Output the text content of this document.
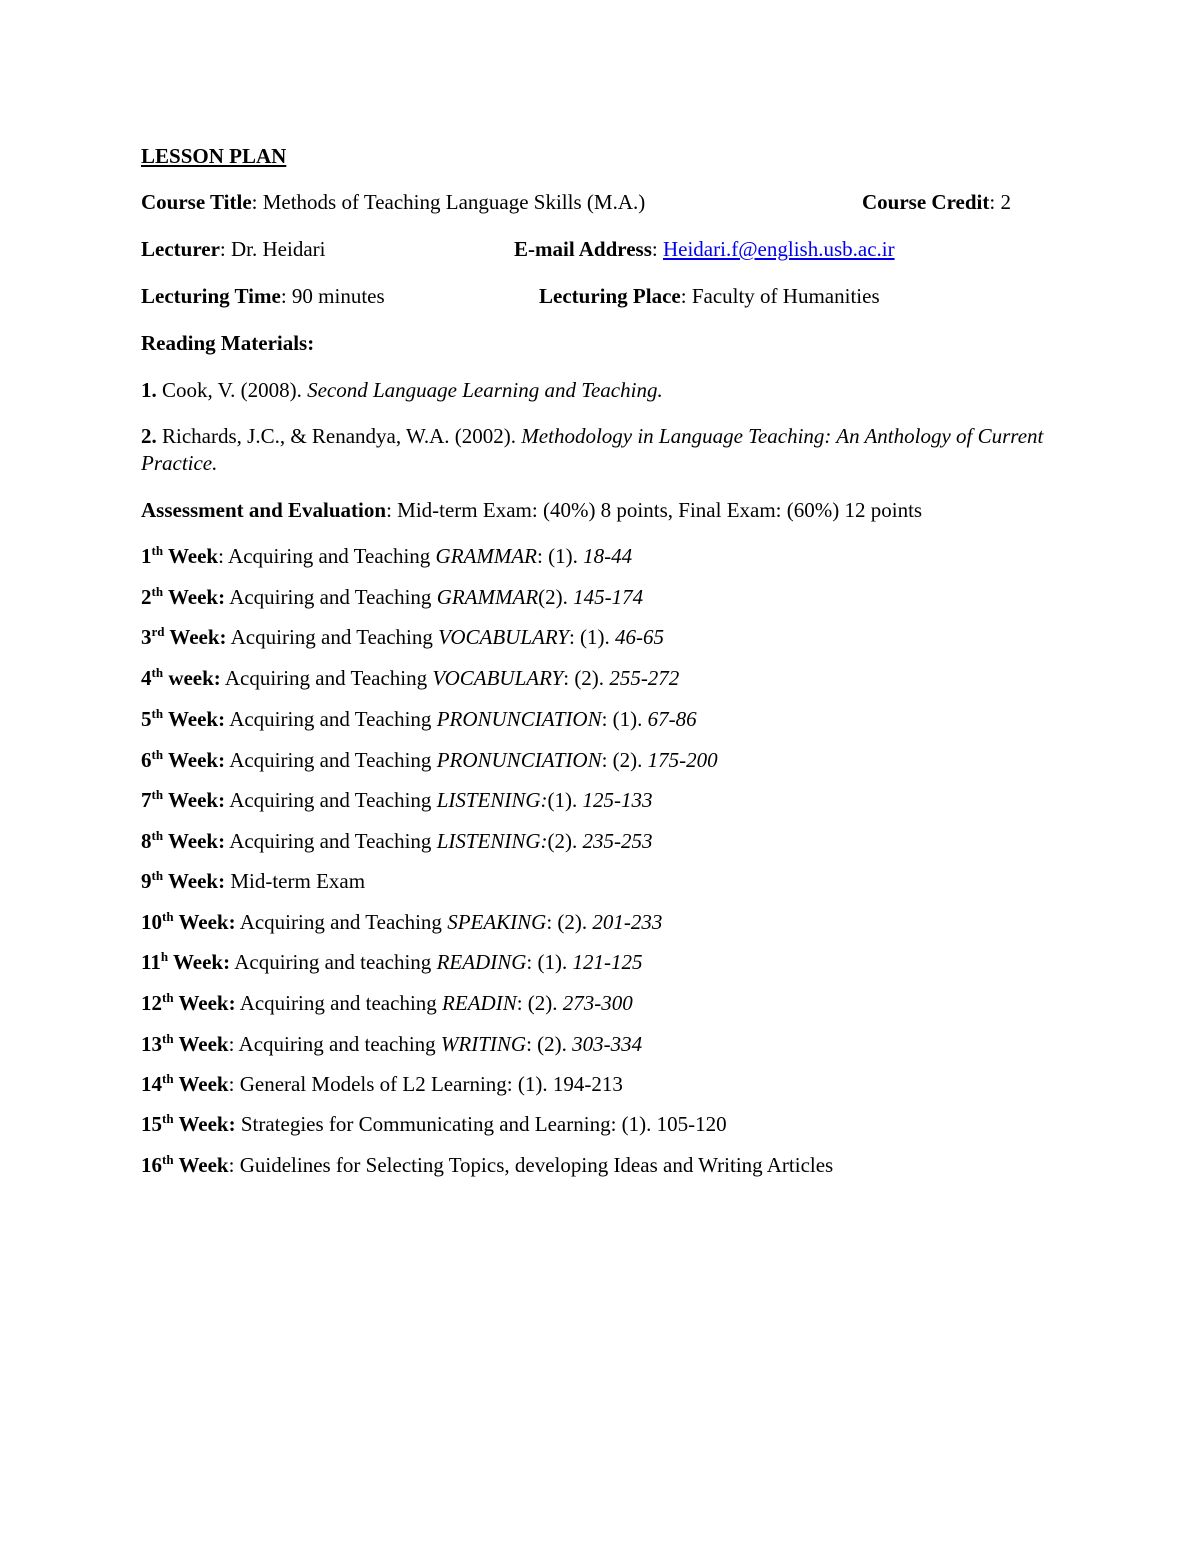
LESSON PLAN
Course Title: Methods of Teaching Language Skills (M.A.)	Course Credit: 2
Lecturer: Dr. Heidari	E-mail Address: Heidari.f@english.usb.ac.ir
Lecturing Time: 90 minutes	Lecturing Place: Faculty of Humanities
Reading Materials:
1. Cook, V. (2008). Second Language Learning and Teaching.
2. Richards, J.C., & Renandya, W.A. (2002). Methodology in Language Teaching: An Anthology of Current Practice.
Assessment and Evaluation: Mid-term Exam: (40%) 8 points, Final Exam: (60%) 12 points
1th Week: Acquiring and Teaching GRAMMAR: (1). 18-44
2th Week: Acquiring and Teaching GRAMMAR(2). 145-174
3rd Week: Acquiring and Teaching VOCABULARY: (1). 46-65
4th week: Acquiring and Teaching VOCABULARY: (2). 255-272
5th Week: Acquiring and Teaching PRONUNCIATION: (1). 67-86
6th Week: Acquiring and Teaching PRONUNCIATION: (2). 175-200
7th Week: Acquiring and Teaching LISTENING:(1). 125-133
8th Week: Acquiring and Teaching LISTENING:(2). 235-253
9th Week: Mid-term Exam
10th Week: Acquiring and Teaching SPEAKING: (2). 201-233
11$^h$ Week: Acquiring and teaching READING: (1). 121-125
12th Week: Acquiring and teaching READIN: (2). 273-300
13th Week: Acquiring and teaching WRITING: (2). 303-334
14th Week: General Models of L2 Learning: (1). 194-213
15th Week: Strategies for Communicating and Learning: (1). 105-120
16th Week: Guidelines for Selecting Topics, developing Ideas and Writing Articles
